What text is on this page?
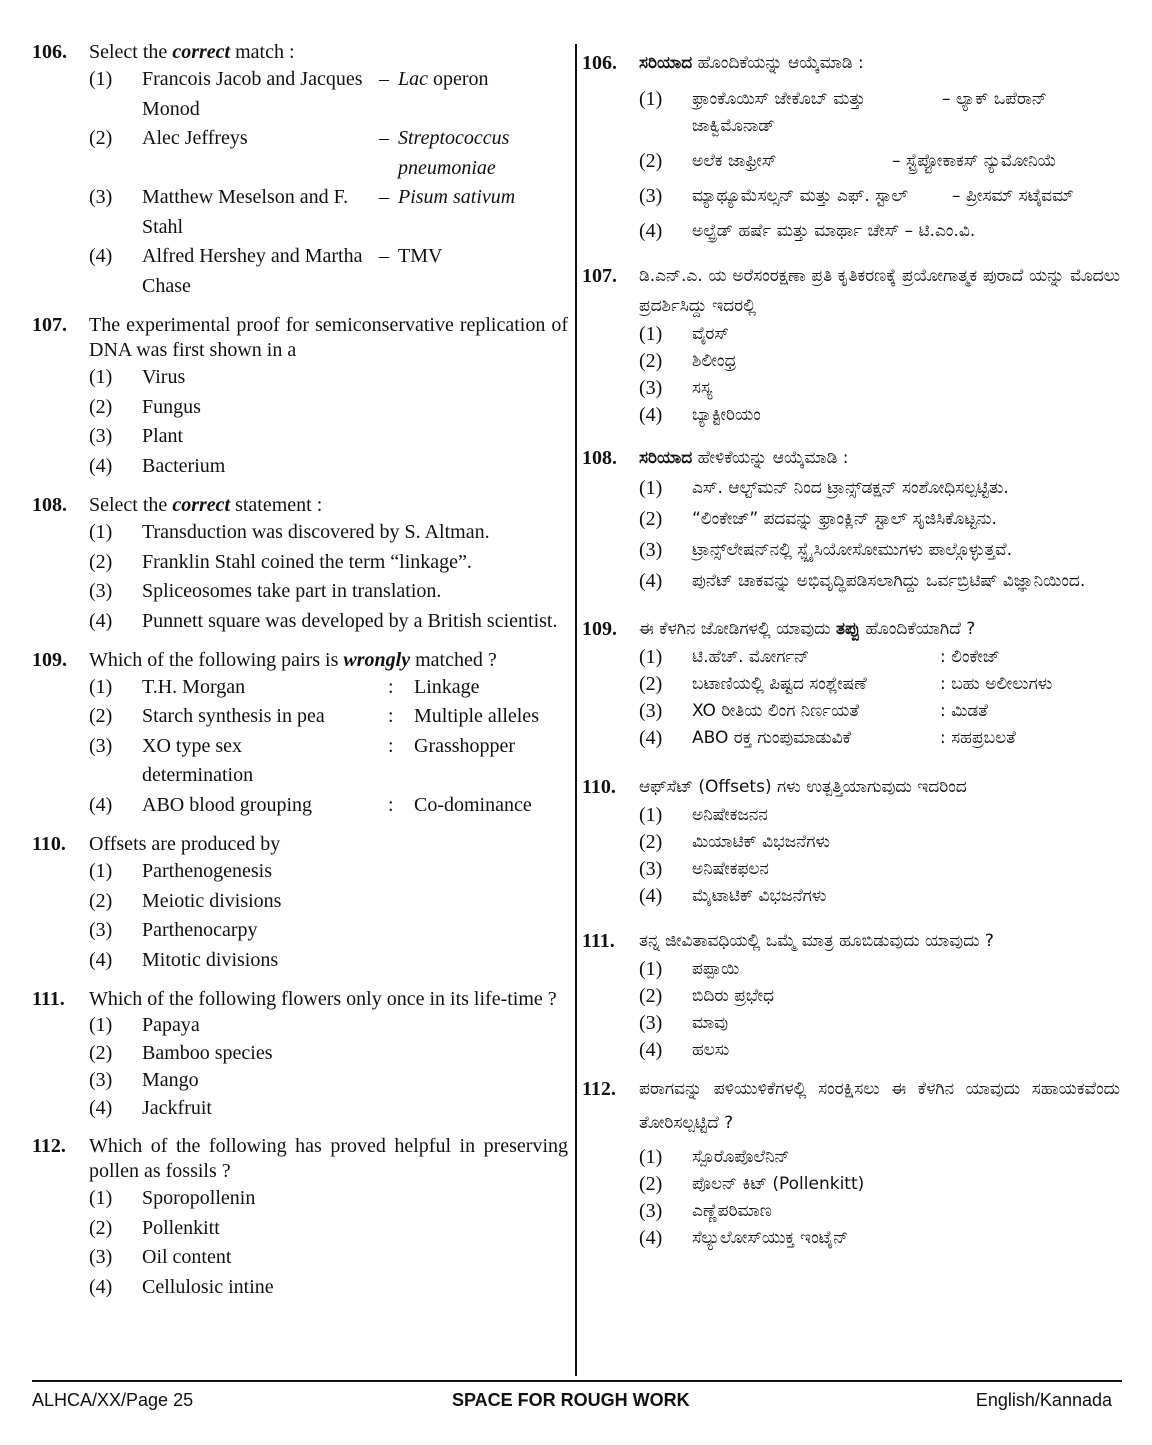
106.	Select the correct match :
(1)	Francois Jacob and Jacques Monod
– Lac operon
(2)	Alec Jeffreys	– Streptococcus pneumoniae
(3)	Matthew Meselson and F. Stahl
– Pisum sativum
(4)	Alfred Hershey and Martha Chase
– TMV
107.	The experimental proof for semiconservative replication of DNA was first shown in a
(1)	Virus
(2)	Fungus
(3)	Plant
(4)	Bacterium
108.	Select the correct statement :
(1)	Transduction was discovered by S. Altman.
(2)	Franklin Stahl coined the term “linkage”.
(3)	Spliceosomes take part in translation.
(4)	Punnett square was developed by a British scientist.
109.	Which of the following pairs is wrongly matched ?
(1)	T.H. Morgan	:	Linkage
(2)	Starch synthesis in pea	:	Multiple alleles
(3)	XO type sex determination
:	Grasshopper
(4)	ABO blood grouping	:	Co-dominance
110.	Offsets are produced by
(1)	Parthenogenesis
(2)	Meiotic divisions
(3)	Parthenocarpy
(4)	Mitotic divisions
111.	Which of the following flowers only once in its life-time ?
(1)	Papaya
(2)	Bamboo species
(3)	Mango
(4)	Jackfruit
112.	Which of the following has proved helpful in preserving pollen as fossils ?
(1)	Sporopollenin
(2)	Pollenkitt
(3)	Oil content
(4)	Cellulosic intine
106.	ಸರಿಯಾದ ಹೊಂದಿಕೆಯನ್ನು ಆಯ್ಕೆಮಾಡಿ :
(1)	ಫ್ರಾಂಕೊಯಿಸ್ ಜೇಕೊಬ್ ಮತ್ತು ಜಾಕ್ವಿಮೊನಾಡ್
– ಲ್ಯಾಕ್ ಒಪೆರಾನ್
(2)	ಅಲೆಕ ಜಾಫ್ರೀಸ್	– ಸ್ಟ್ರೆಪ್ಟೋಕಾಕಸ್ ನ್ಯುಮೋನಿಯೆ
(3)	ಮ್ಯಾಥ್ಯೂಮೆಸಲ್ಸನ್ ಮತ್ತು ಎಫ್. ಸ್ಟಾಲ್	– ಪ್ರೀಸಮ್ ಸಟೈವಮ್
(4)	ಅಲ್ಫ್ರೆಡ್ ಹರ್ಷೆ ಮತ್ತು ಮಾರ್ಥಾ ಚೇಸ್ – ಟಿ.ಎಂ.ವಿ.
107.	ಡಿ.ಎನ್.ಎ. ಯ ಅರೆಸಂರಕ್ಷಣಾ ಪ್ರತಿ ಕೃತಿಕರಣಕ್ಕೆ ಪ್ರಯೋಗಾತ್ಮಕ ಪುರಾದೆ ಯನ್ನು ಮೊದಲು ಪ್ರದರ್ಶಿಸಿದ್ದು ಇದರಲ್ಲಿ
(1)	ವೈರಸ್
(2)	ಶಿಲೀಂಧ್ರ
(3)	ಸಸ್ಯ
(4)	ಬ್ಯಾಕ್ಟೀರಿಯಂ
108.	ಸರಿಯಾದ ಹೇಳಿಕೆಯನ್ನು ಆಯ್ಕೆಮಾಡಿ :
(1)	ಎಸ್. ಆಲ್ಟ್‌ಮನ್ ನಿಂದ ಟ್ರಾನ್ಸ್‌ಡಕ್ಷನ್ ಸಂಶೋಧಿಸಲ್ಪಟ್ಟಿತು.
(2)	“ಲಿಂಕೇಜ್” ಪದವನ್ನು ಫ್ರಾಂಕ್ಲಿನ್ ಸ್ಟಾಲ್ ಸೃಜಿಸಿಕೊಟ್ಟನು.
(3)	ಟ್ರಾನ್ಸ್‌ಲೇಷನ್‌ನಲ್ಲಿ ಸ್ಪ್ಲೈಸಿಯೋಸೋಮುಗಳು ಪಾಲ್ಗೊಳ್ಳುತ್ತವೆ.
(4)	ಪುನೆಟ್ ಚಾಕವನ್ನು ಅಭಿವೃದ್ಧಿಪಡಿಸಲಾಗಿದ್ದು ಒರ್ವಬ್ರಿಟಿಷ್ ವಿಜ್ಞಾನಿಯಿಂದ.
109.	ಈ ಕೆಳಗಿನ ಜೋಡಿಗಳಲ್ಲಿ ಯಾವುದು ತಪ್ಪು ಹೊಂದಿಕೆಯಾಗಿದೆ ?
(1)	ಟಿ.ಹೆಚ್. ಮೋರ್ಗನ್	: ಲಿಂಕೇಜ್
(2)	ಬಟಾಣಿಯಲ್ಲಿ ಪಿಷ್ಟದ ಸಂಶ್ಲೇಷಣೆ	: ಬಹು ಅಲೀಲುಗಳು
(3)	XO ರೀತಿಯ ಲಿಂಗ ನಿರ್ಣಯತೆ	: ಮಿಡತೆ
(4)	ABO ರಕ್ತ ಗುಂಪುಮಾಡುವಿಕೆ	: ಸಹಪ್ರಬಲತೆ
110.	ಆಫ್‌ಸೆಟ್ (Offsets) ಗಳು ಉತ್ಪತ್ತಿಯಾಗುವುದು ಇದರಿಂದ
(1)	ಅನಿಷೇಕಜನನ
(2)	ಮಿಯಾಟಿಕ್ ವಿಭಜನೆಗಳು
(3)	ಅನಿಷೇಕಫಲನ
(4)	ಮೈಟಾಟಿಕ್ ವಿಭಜನೆಗಳು
111.	ತನ್ನ ಜೀವಿತಾವಧಿಯಲ್ಲಿ ಒಮ್ಮೆ ಮಾತ್ರ ಹೂಬಿಡುವುದು ಯಾವುದು ?
(1)	ಪಪ್ಪಾಯಿ
(2)	ಬಿದಿರು ಪ್ರಭೇಧ
(3)	ಮಾವು
(4)	ಹಲಸು
112.	ಪರಾಗವನ್ನು ಪಳಿಯುಳಿಕೆಗಳಲ್ಲಿ ಸಂರಕ್ಷಿಸಲು ಈ ಕೆಳಗಿನ ಯಾವುದು ಸಹಾಯಕವೆಂದು ತೋರಿಸಲ್ಪಟ್ಟಿದೆ ?
(1)	ಸ್ಪೊರೊಪೊಲೆನಿನ್
(2)	ಪೊಲನ್ ಕಿಟ್ (Pollenkitt)
(3)	ಎಣ್ಣೆಪರಿಮಾಣ
(4)	ಸೆಲ್ಯುಲೋಸ್‌ಯುಕ್ತ ಇಂಟೈನ್
ALHCA/XX/Page 25	SPACE FOR ROUGH WORK	English/Kannada
